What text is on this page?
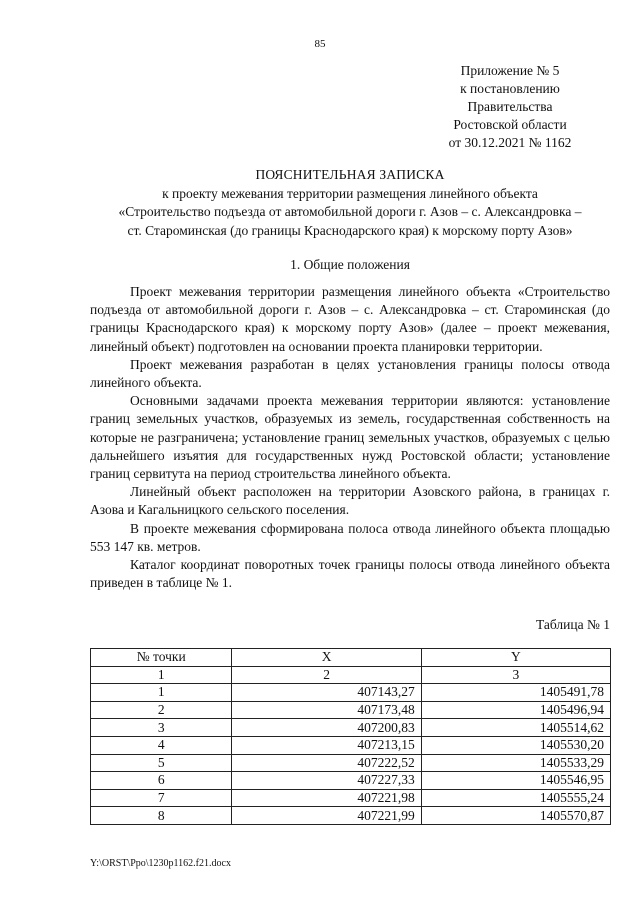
85
Приложение № 5
к постановлению
Правительства
Ростовской области
от 30.12.2021 № 1162
ПОЯСНИТЕЛЬНАЯ ЗАПИСКА
к проекту межевания территории размещения линейного объекта
«Строительство подъезда от автомобильной дороги г. Азов – с. Александровка –
ст. Староминская (до границы Краснодарского края) к морскому порту Азов»
1. Общие положения

Проект межевания территории размещения линейного объекта «Строительство подъезда от автомобильной дороги г. Азов – с. Александровка – ст. Староминская (до границы Краснодарского края) к морскому порту Азов» (далее – проект межевания, линейный объект) подготовлен на основании проекта планировки территории.

Проект межевания разработан в целях установления границы полосы отвода линейного объекта.

Основными задачами проекта межевания территории являются: установление границ земельных участков, образуемых из земель, государственная собственность на которые не разграничена; установление границ земельных участков, образуемых с целью дальнейшего изъятия для государственных нужд Ростовской области; установление границ сервитута на период строительства линейного объекта.

Линейный объект расположен на территории Азовского района, в границах г. Азова и Кагальницкого сельского поселения.

В проекте межевания сформирована полоса отвода линейного объекта площадью 553 147 кв. метров.

Каталог координат поворотных точек границы полосы отвода линейного объекта приведен в таблице № 1.

Таблица № 1
№ точки	X	Y
1	2	3
1	407143,27	1405491,78
2	407173,48	1405496,94
3	407200,83	1405514,62
4	407213,15	1405530,20
5	407222,52	1405533,29
6	407227,33	1405546,95
7	407221,98	1405555,24
8	407221,99	1405570,87
Y:\ORST\Ppo\1230p1162.f21.docx
